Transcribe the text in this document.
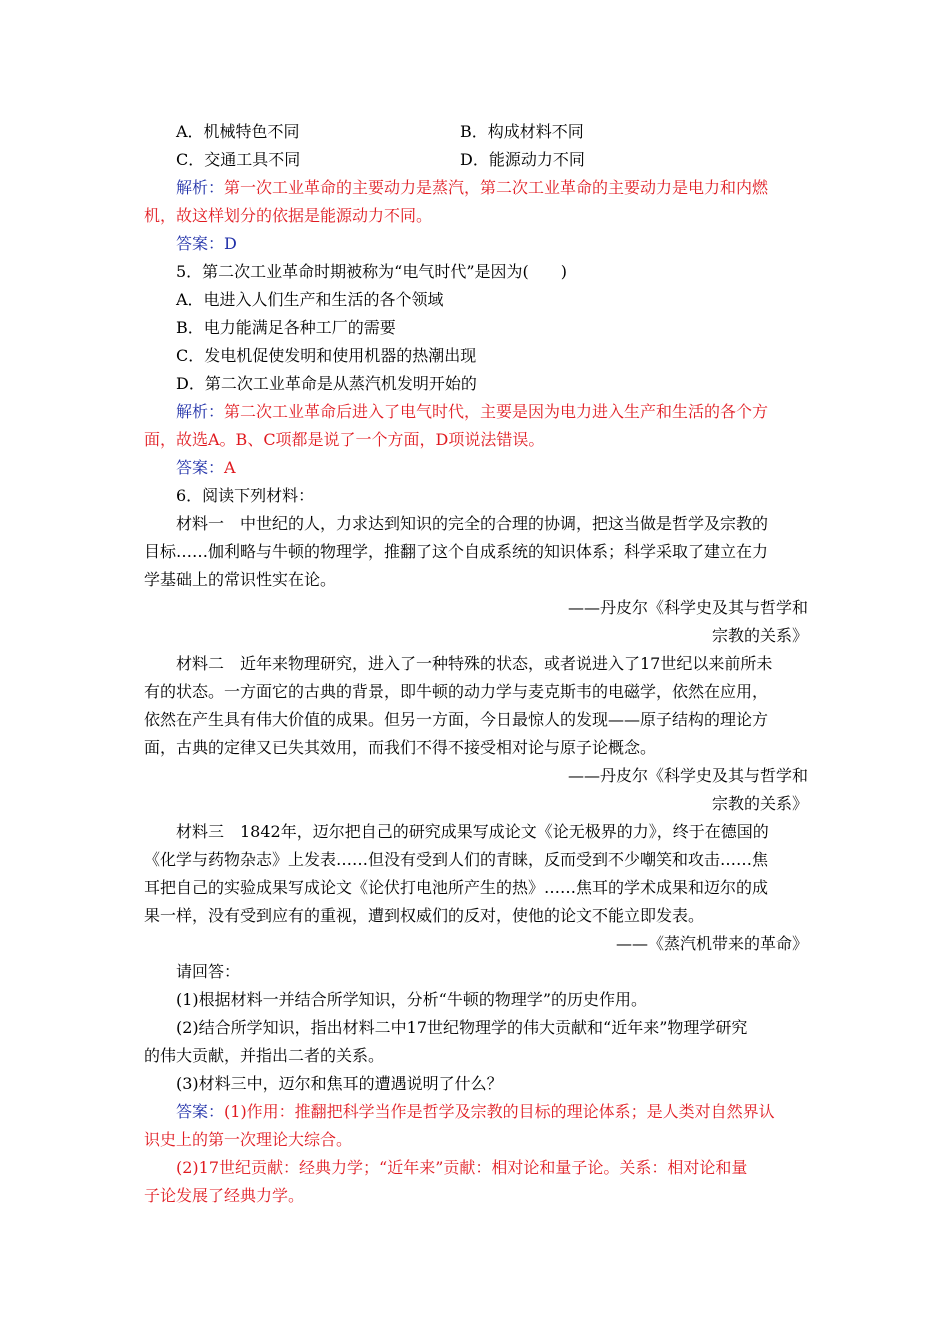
A．机械特色不同	B．构成材料不同
C．交通工具不同	D．能源动力不同
解析：第一次工业革命的主要动力是蒸汽，第二次工业革命的主要动力是电力和内燃
机，故这样划分的依据是能源动力不同。
答案：D
5．第二次工业革命时期被称为“电气时代”是因为(　　)
A．电进入人们生产和生活的各个领域
B．电力能满足各种工厂的需要
C．发电机促使发明和使用机器的热潮出现
D．第二次工业革命是从蒸汽机发明开始的
解析：第二次工业革命后进入了电气时代，主要是因为电力进入生产和生活的各个方
面，故选A。B、C项都是说了一个方面，D项说法错误。
答案：A
6．阅读下列材料：
材料一　中世纪的人，力求达到知识的完全的合理的协调，把这当做是哲学及宗教的
目标……伽利略与牛顿的物理学，推翻了这个自成系统的知识体系；科学采取了建立在力
学基础上的常识性实在论。
——丹皮尔《科学史及其与哲学和
宗教的关系》
材料二　近年来物理研究，进入了一种特殊的状态，或者说进入了17世纪以来前所未
有的状态。一方面它的古典的背景，即牛顿的动力学与麦克斯韦的电磁学，依然在应用，
依然在产生具有伟大价值的成果。但另一方面，今日最惊人的发现——原子结构的理论方
面，古典的定律又已失其效用，而我们不得不接受相对论与原子论概念。
——丹皮尔《科学史及其与哲学和
宗教的关系》
材料三　1842年，迈尔把自己的研究成果写成论文《论无极界的力》，终于在德国的
《化学与药物杂志》上发表……但没有受到人们的青睐，反而受到不少嘲笑和攻击……焦
耳把自己的实验成果写成论文《论伏打电池所产生的热》……焦耳的学术成果和迈尔的成
果一样，没有受到应有的重视，遭到权威们的反对，使他的论文不能立即发表。
——《蒸汽机带来的革命》
请回答：
(1)根据材料一并结合所学知识，分析“牛顿的物理学”的历史作用。
(2)结合所学知识，指出材料二中17世纪物理学的伟大贡献和“近年来”物理学研究
的伟大贡献，并指出二者的关系。
(3)材料三中，迈尔和焦耳的遭遇说明了什么？
答案：(1)作用：推翻把科学当作是哲学及宗教的目标的理论体系；是人类对自然界认
识史上的第一次理论大综合。
(2)17世纪贡献：经典力学；“近年来”贡献：相对论和量子论。关系：相对论和量
子论发展了经典力学。
